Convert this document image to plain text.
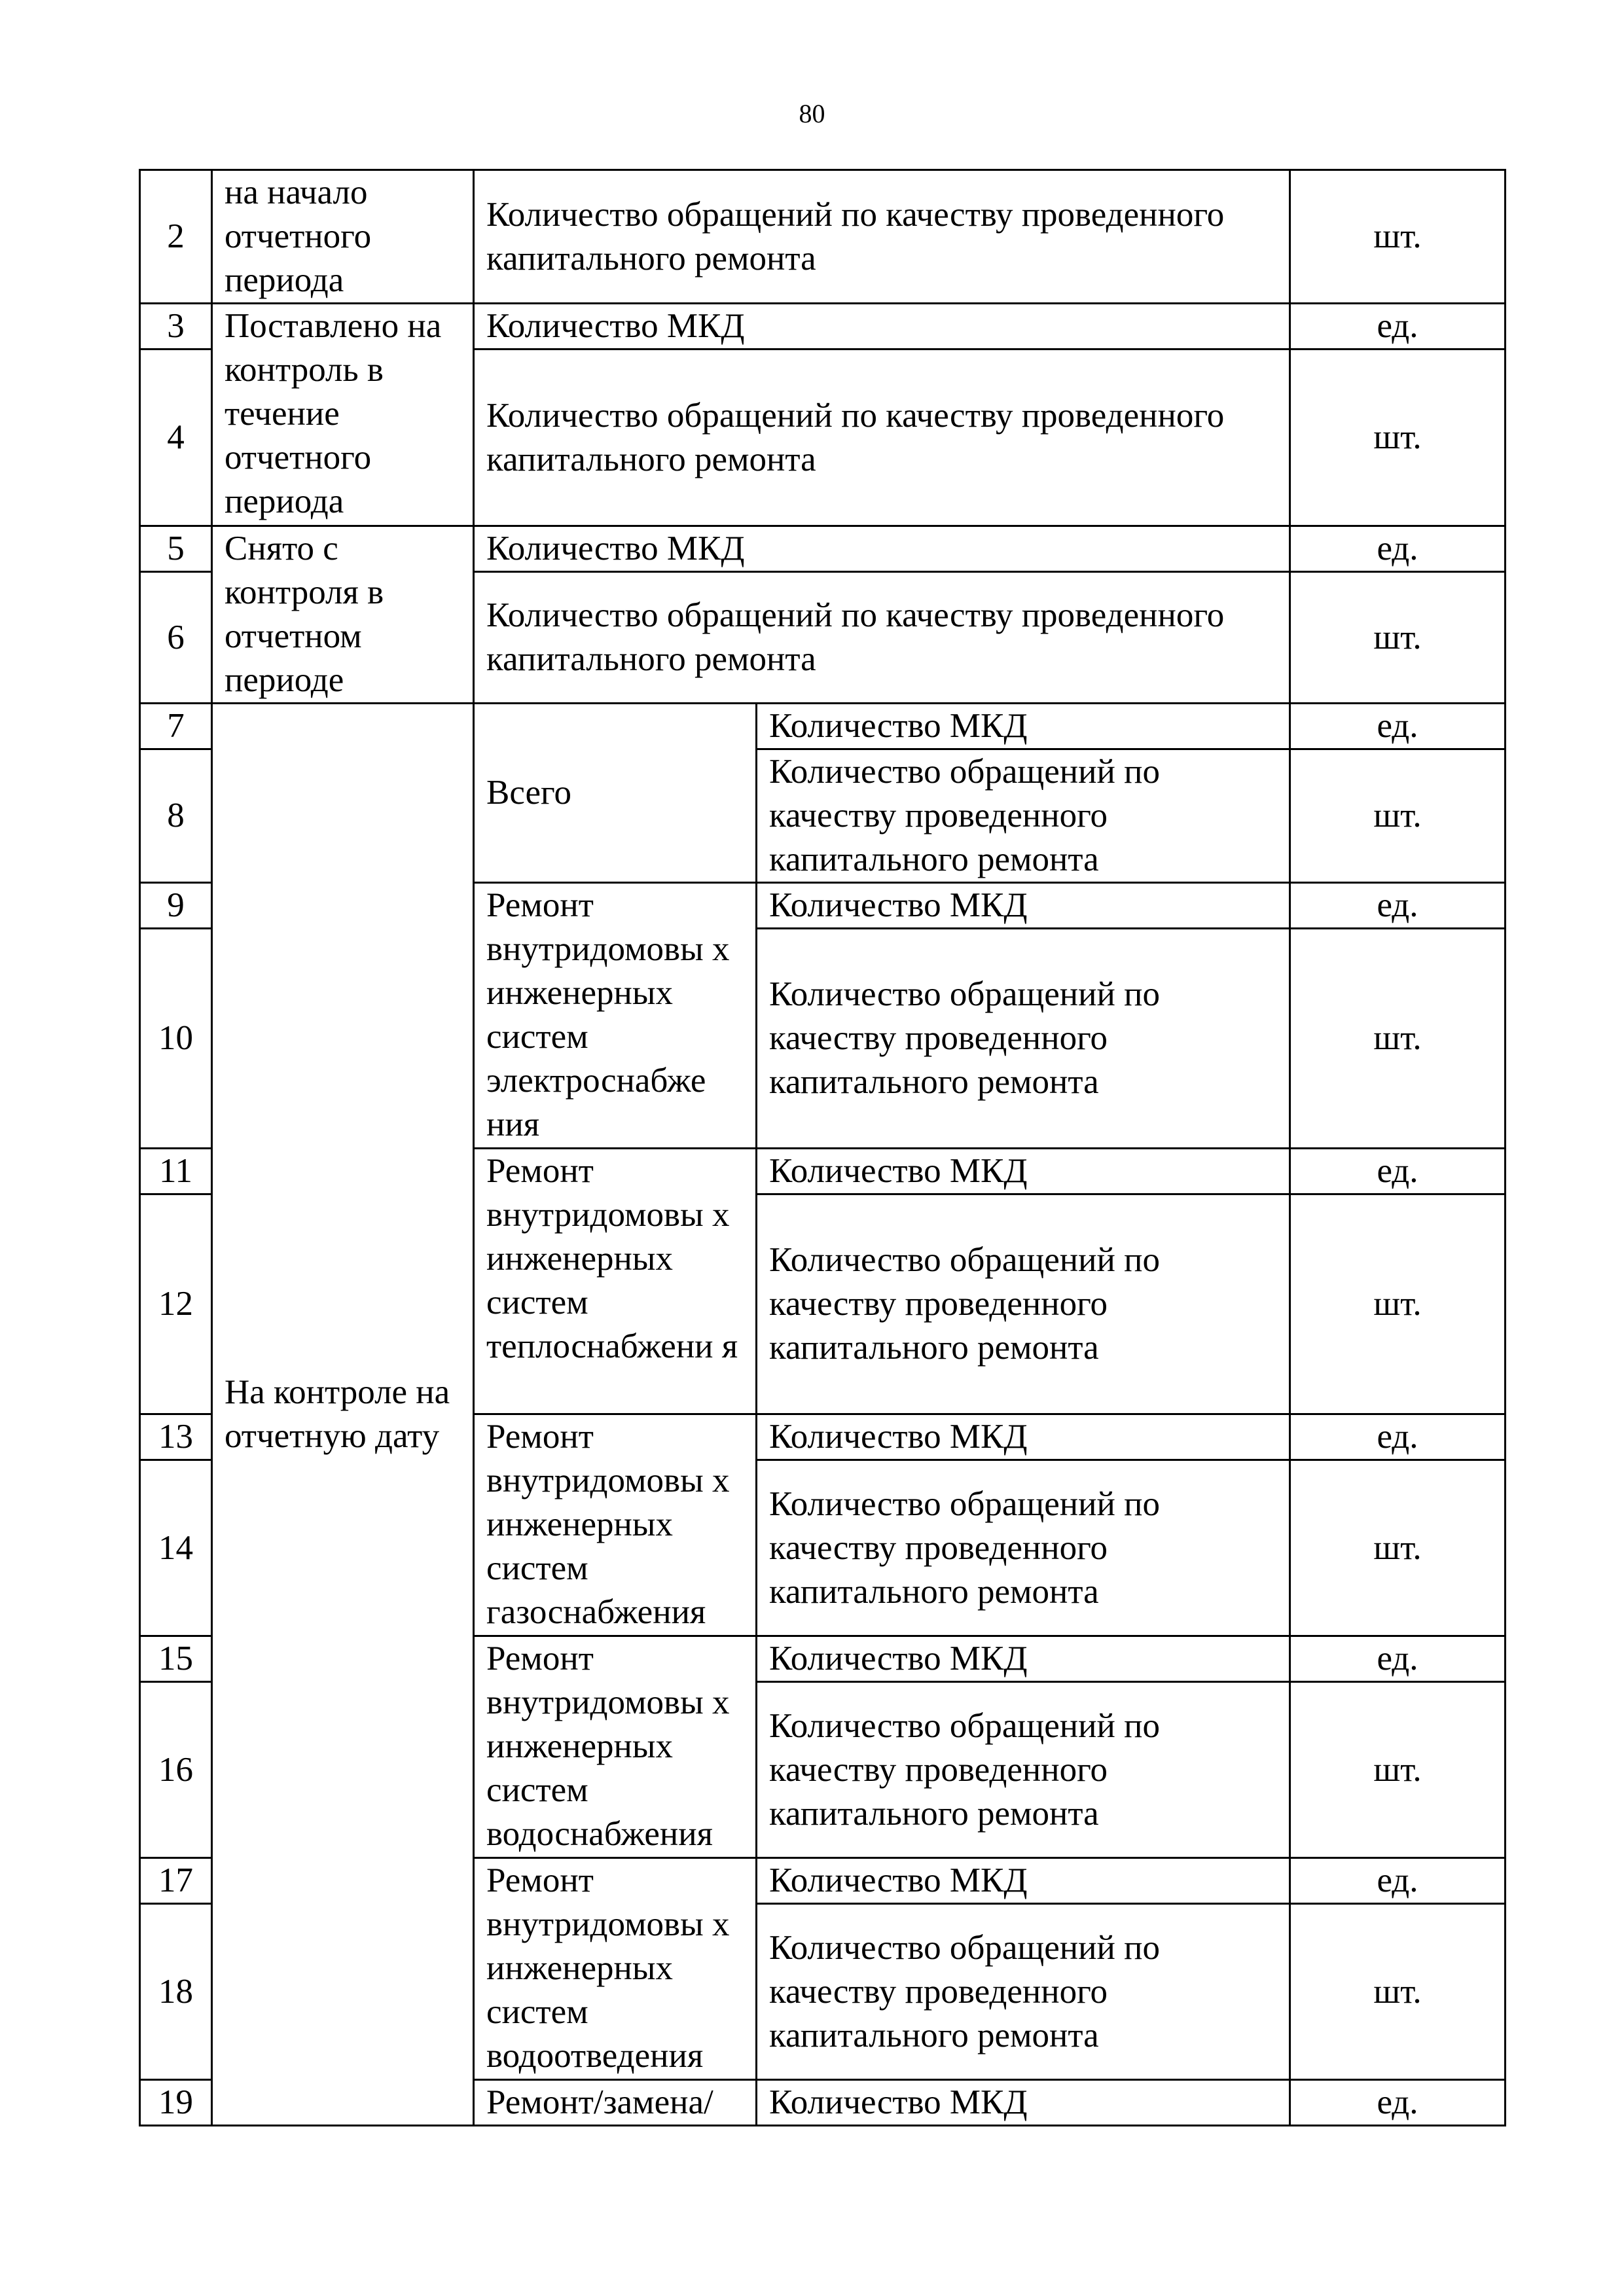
80
2	на начало отчетного периода	Количество обращений по качеству проведенного капитального ремонта		шт.
3	Поставлено на контроль в течение отчетного периода	Количество МКД		ед.
4		Количество обращений по качеству проведенного капитального ремонта		шт.
5	Снято с контроля в отчетном периоде	Количество МКД		ед.
6		Количество обращений по качеству проведенного капитального ремонта		шт.
7	На контроле на отчетную дату	Всего	Количество МКД	ед.
8			Количество обращений по качеству проведенного капитального ремонта	шт.
9		Ремонт внутридомовы х инженерных систем электроснабже ния	Количество МКД	ед.
10			Количество обращений по качеству проведенного капитального ремонта	шт.
11		Ремонт внутридомовы х инженерных систем теплоснабжени я	Количество МКД	ед.
12			Количество обращений по качеству проведенного капитального ремонта	шт.
13		Ремонт внутридомовы х инженерных систем газоснабжения	Количество МКД	ед.
14			Количество обращений по качеству проведенного капитального ремонта	шт.
15		Ремонт внутридомовы х инженерных систем водоснабжения	Количество МКД	ед.
16			Количество обращений по качеству проведенного капитального ремонта	шт.
17		Ремонт внутридомовы х инженерных систем водоотведения	Количество МКД	ед.
18			Количество обращений по качеству проведенного капитального ремонта	шт.
19		Ремонт/замена/	Количество МКД	ед.
